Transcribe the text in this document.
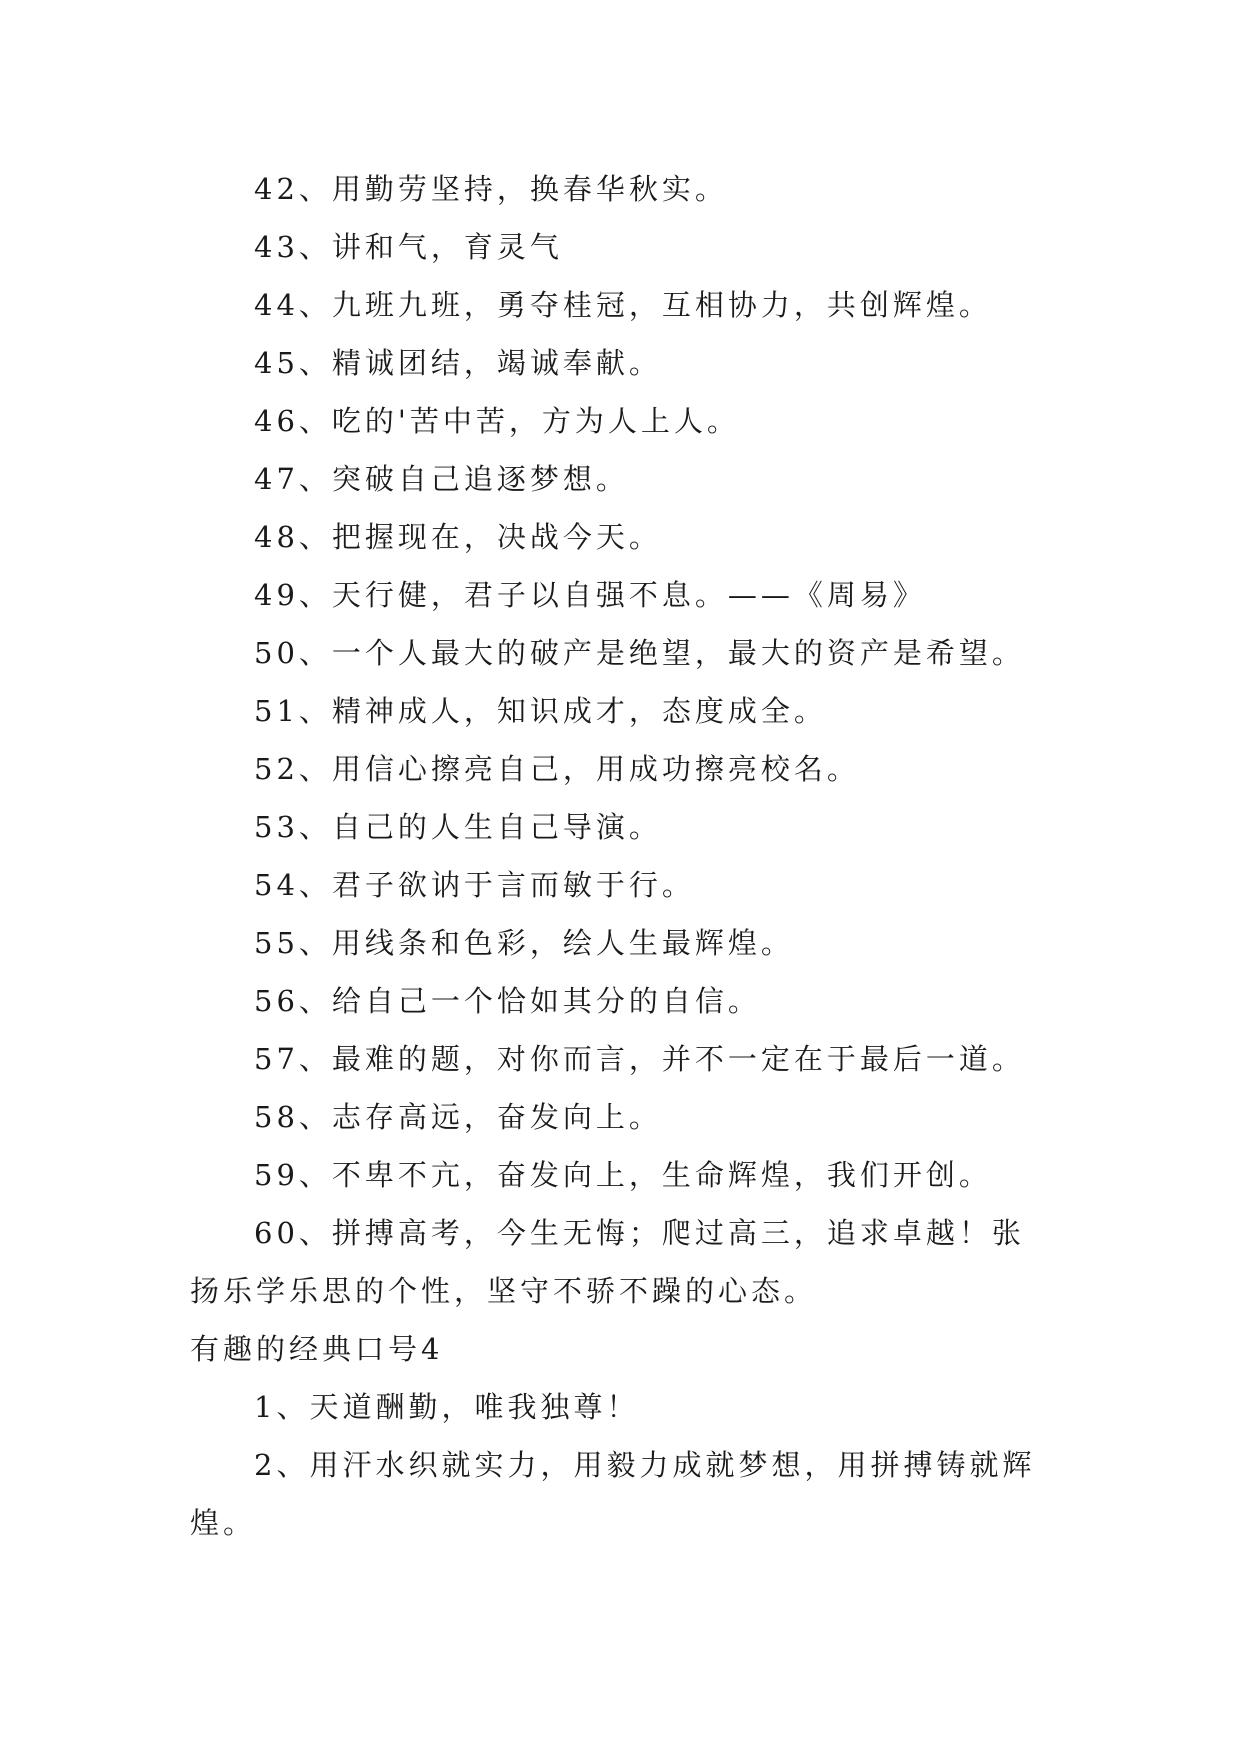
42、用勤劳坚持，换春华秋实。

43、讲和气，育灵气

44、九班九班，勇夺桂冠，互相协力，共创辉煌。

45、精诚团结，竭诚奉献。

46、吃的'苦中苦，方为人上人。

47、突破自己追逐梦想。

48、把握现在，决战今天。

49、天行健，君子以自强不息。——《周易》

50、一个人最大的破产是绝望，最大的资产是希望。

51、精神成人，知识成才，态度成全。

52、用信心擦亮自己，用成功擦亮校名。

53、自己的人生自己导演。

54、君子欲讷于言而敏于行。

55、用线条和色彩，绘人生最辉煌。

56、给自己一个恰如其分的自信。

57、最难的题，对你而言，并不一定在于最后一道。

58、志存高远，奋发向上。

59、不卑不亢，奋发向上，生命辉煌，我们开创。

60、拼搏高考，今生无悔；爬过高三，追求卓越！张扬乐学乐思的个性，坚守不骄不躁的心态。

有趣的经典口号4

1、天道酬勤，唯我独尊！

2、用汗水织就实力，用毅力成就梦想，用拼搏铸就辉煌。
